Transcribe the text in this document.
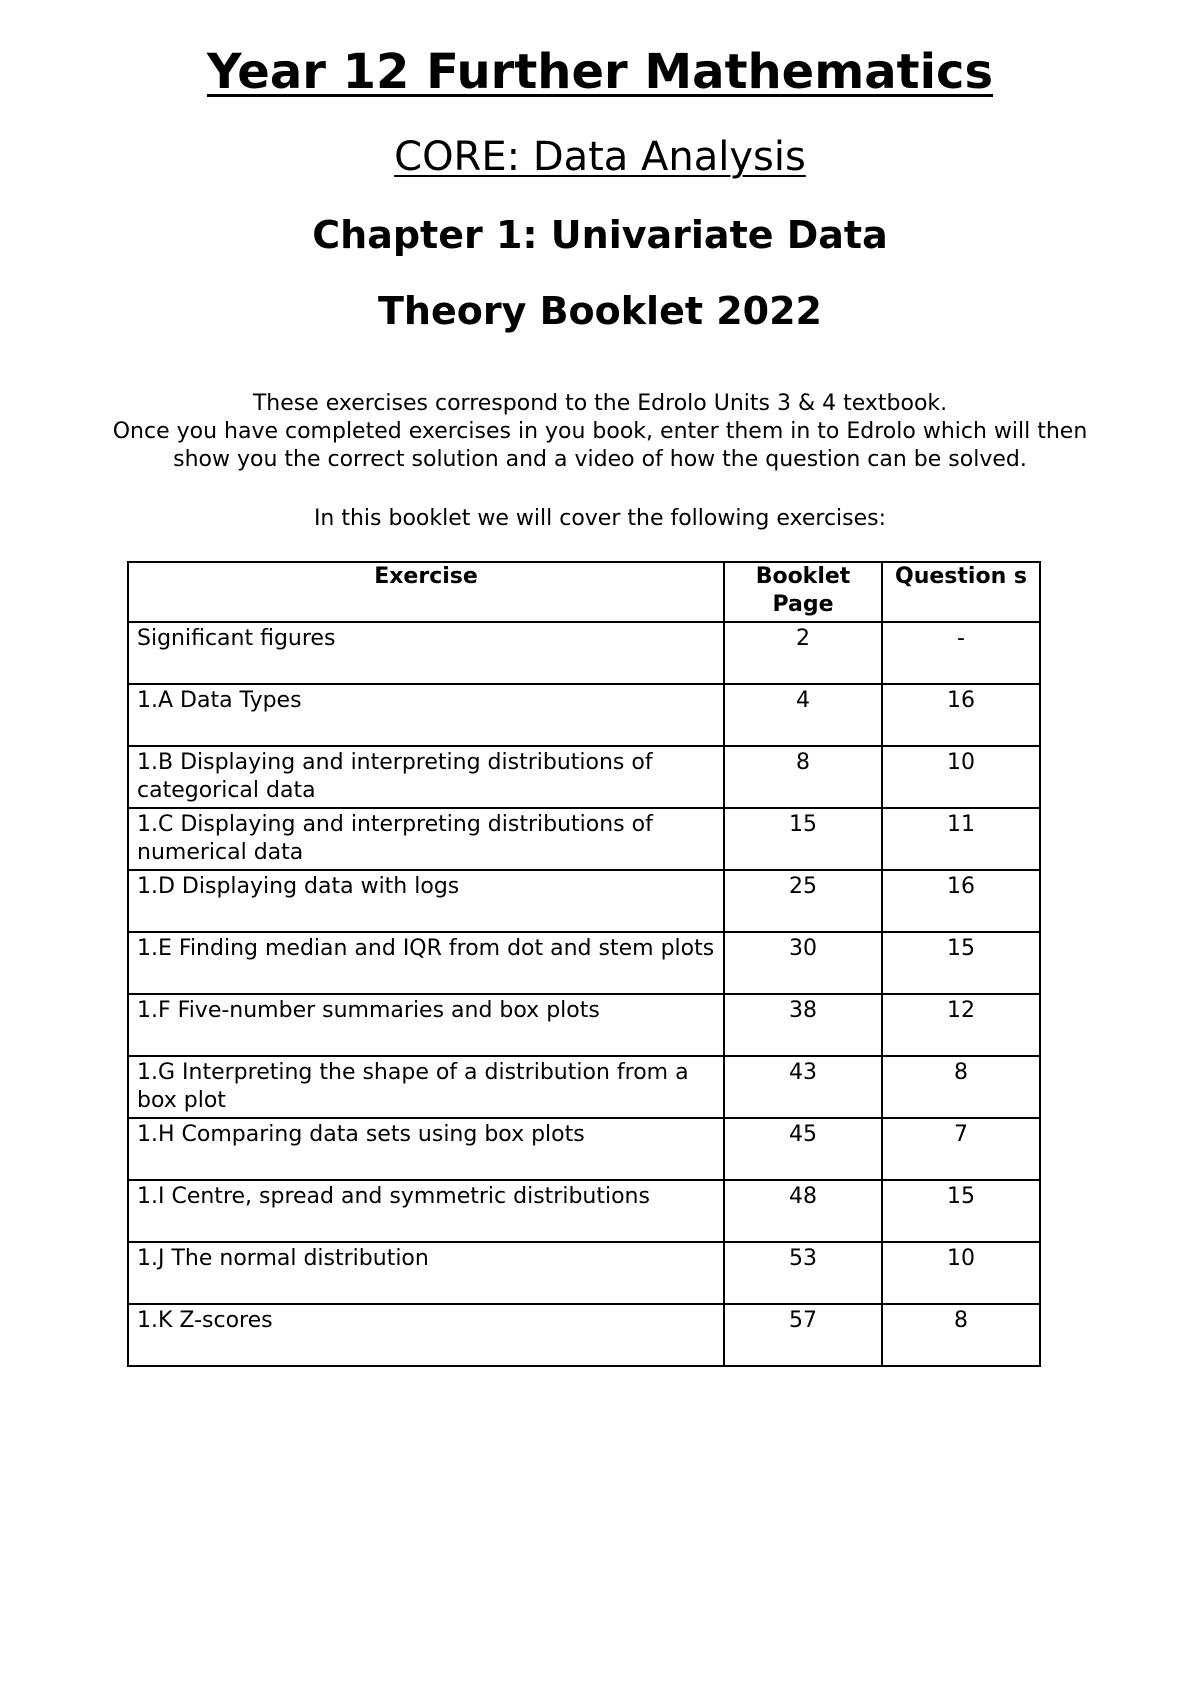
Year 12 Further Mathematics
CORE: Data Analysis
Chapter 1: Univariate Data
Theory Booklet 2022
These exercises correspond to the Edrolo Units 3 & 4 textbook.
Once you have completed exercises in you book, enter them in to Edrolo which will then
show you the correct solution and a video of how the question can be solved.
In this booklet we will cover the following exercises:
Exercise	Booklet Page	Question s
Significant figures	2	-
1.A Data Types	4	16
1.B Displaying and interpreting distributions of categorical data	8	10
1.C Displaying and interpreting distributions of numerical data	15	11
1.D Displaying data with logs	25	16
1.E Finding median and IQR from dot and stem plots	30	15
1.F Five-number summaries and box plots	38	12
1.G Interpreting the shape of a distribution from a box plot	43	8
1.H Comparing data sets using box plots	45	7
1.I Centre, spread and symmetric distributions	48	15
1.J The normal distribution	53	10
1.K Z-scores	57	8
